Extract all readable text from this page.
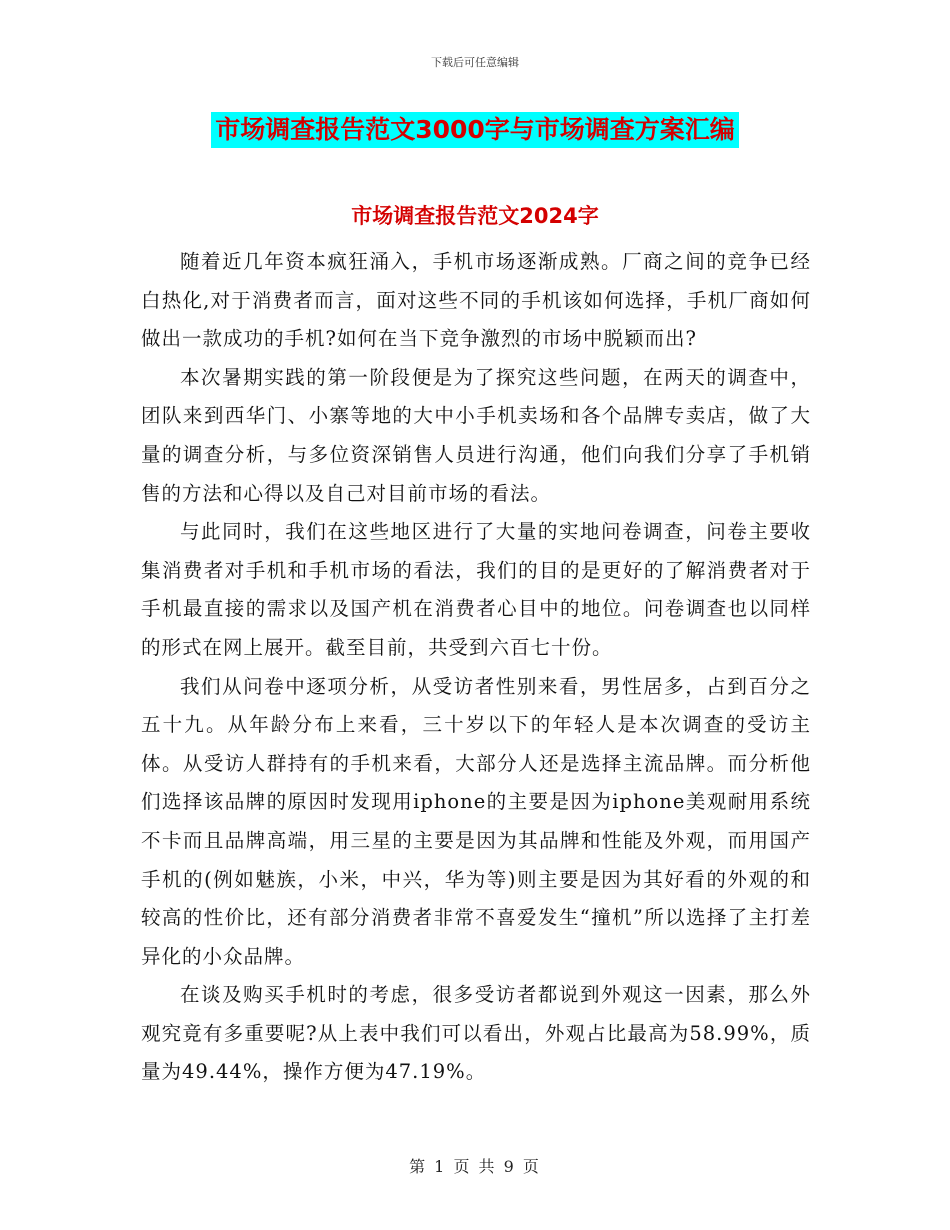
下载后可任意编辑
市场调查报告范文3000字与市场调查方案汇编
市场调查报告范文2024字

随着近几年资本疯狂涌入，手机市场逐渐成熟。厂商之间的竞争已经白热化,对于消费者而言，面对这些不同的手机该如何选择，手机厂商如何做出一款成功的手机?如何在当下竞争激烈的市场中脱颖而出?

本次暑期实践的第一阶段便是为了探究这些问题，在两天的调查中，团队来到西华门、小寨等地的大中小手机卖场和各个品牌专卖店，做了大量的调查分析，与多位资深销售人员进行沟通，他们向我们分享了手机销售的方法和心得以及自己对目前市场的看法。

与此同时，我们在这些地区进行了大量的实地问卷调查，问卷主要收集消费者对手机和手机市场的看法，我们的目的是更好的了解消费者对于手机最直接的需求以及国产机在消费者心目中的地位。问卷调查也以同样的形式在网上展开。截至目前，共受到六百七十份。

我们从问卷中逐项分析，从受访者性别来看，男性居多，占到百分之五十九。从年龄分布上来看，三十岁以下的年轻人是本次调查的受访主体。从受访人群持有的手机来看，大部分人还是选择主流品牌。而分析他们选择该品牌的原因时发现用iphone的主要是因为iphone美观耐用系统不卡而且品牌高端，用三星的主要是因为其品牌和性能及外观，而用国产手机的(例如魅族，小米，中兴，华为等)则主要是因为其好看的外观的和较高的性价比，还有部分消费者非常不喜爱发生“撞机”所以选择了主打差异化的小众品牌。

在谈及购买手机时的考虑，很多受访者都说到外观这一因素，那么外观究竟有多重要呢?从上表中我们可以看出，外观占比最高为58.99%，质量为49.44%，操作方便为47.19%。

第 1 页 共 9 页
